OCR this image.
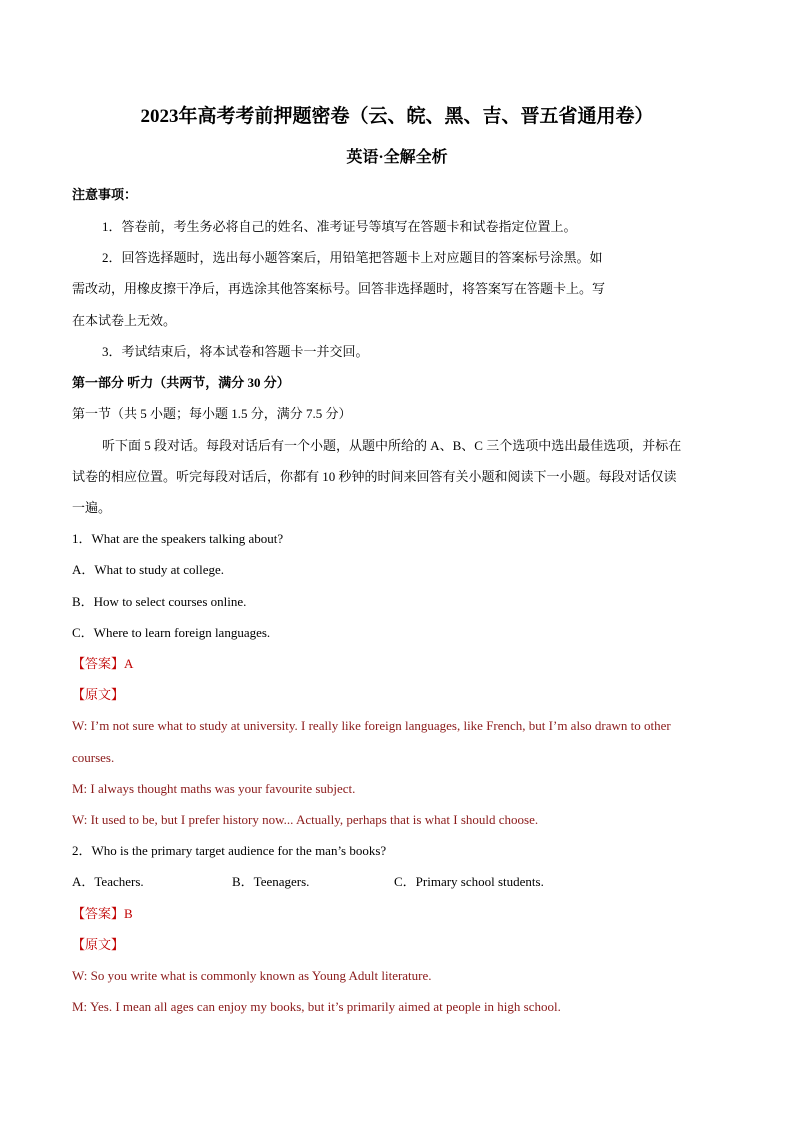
2023年高考考前押题密卷（云、皖、黑、吉、晋五省通用卷）
英语·全解全析
注意事项：
1．答卷前，考生务必将自己的姓名、准考证号等填写在答题卡和试卷指定位置上。
2．回答选择题时，选出每小题答案后，用铅笔把答题卡上对应题目的答案标号涂黑。如
需改动，用橡皮擦干净后，再选涂其他答案标号。回答非选择题时，将答案写在答题卡上。写
在本试卷上无效。
3．考试结束后，将本试卷和答题卡一并交回。
第一部分 听力（共两节，满分 30 分）
第一节（共 5 小题；每小题 1.5 分，满分 7.5 分）
听下面 5 段对话。每段对话后有一个小题，从题中所给的 A、B、C 三个选项中选出最佳选项，并标在
试卷的相应位置。听完每段对话后，你都有 10 秒钟的时间来回答有关小题和阅读下一小题。每段对话仅读
一遍。
1．What are the speakers talking about?
A．What to study at college.
B．How to select courses online.
C．Where to learn foreign languages.
【答案】A
【原文】
W: I’m not sure what to study at university. I really like foreign languages, like French, but I’m also drawn to other
courses.
M: I always thought maths was your favourite subject.
W: It used to be, but I prefer history now... Actually, perhaps that is what I should choose.
2．Who is the primary target audience for the man’s books?
A．Teachers.	B．Teenagers.	C．Primary school students.
【答案】B
【原文】
W: So you write what is commonly known as Young Adult literature.
M: Yes. I mean all ages can enjoy my books, but it’s primarily aimed at people in high school.
